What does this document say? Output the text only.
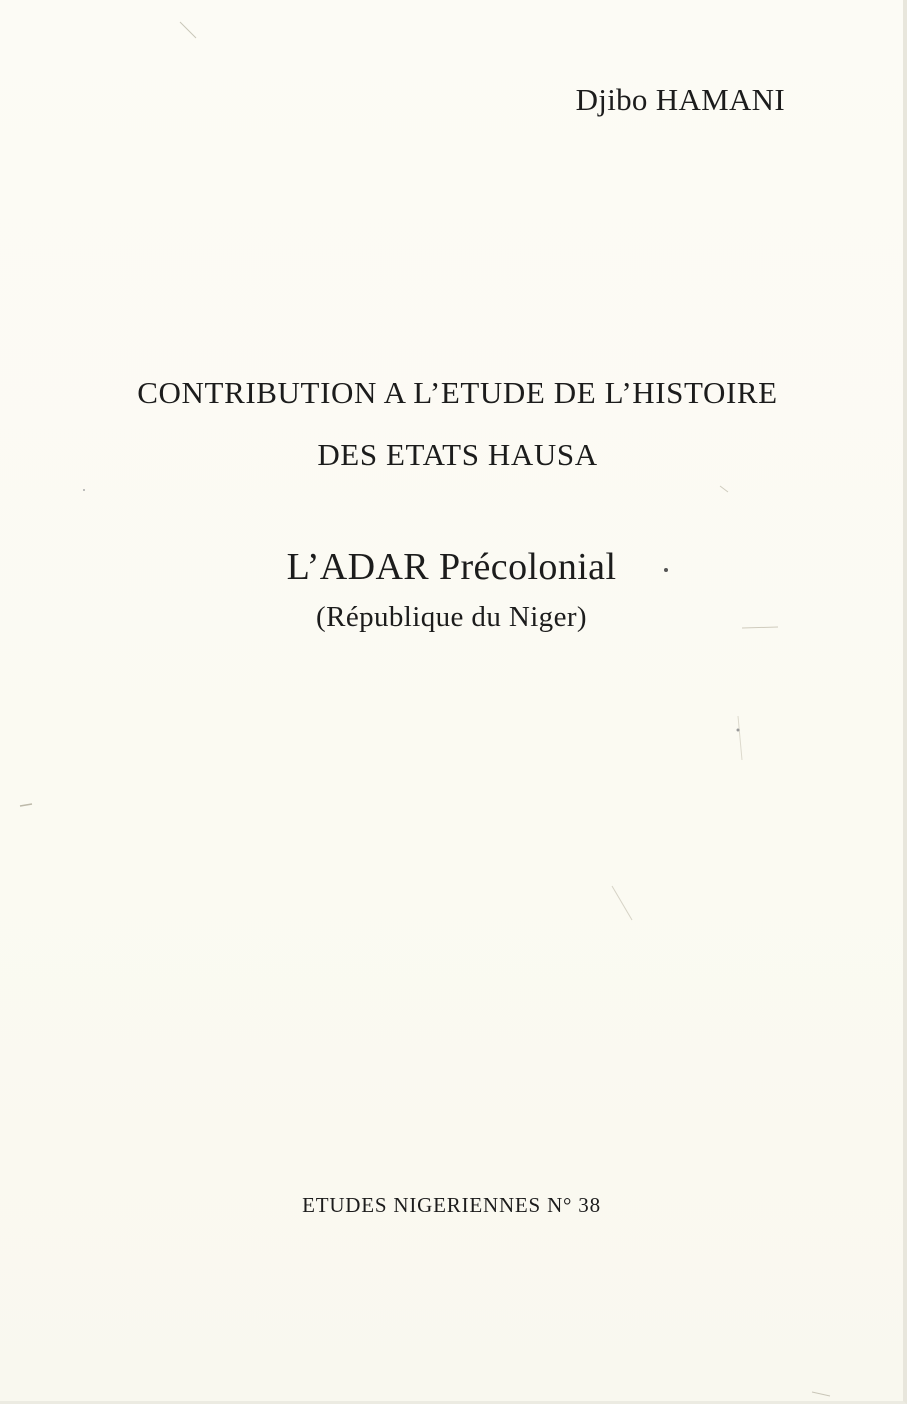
Djibo HAMANI
CONTRIBUTION A L’ETUDE DE L’HISTOIRE
DES ETATS HAUSA
L’ADAR Précolonial
(République du Niger)
ETUDES NIGERIENNES N° 38
